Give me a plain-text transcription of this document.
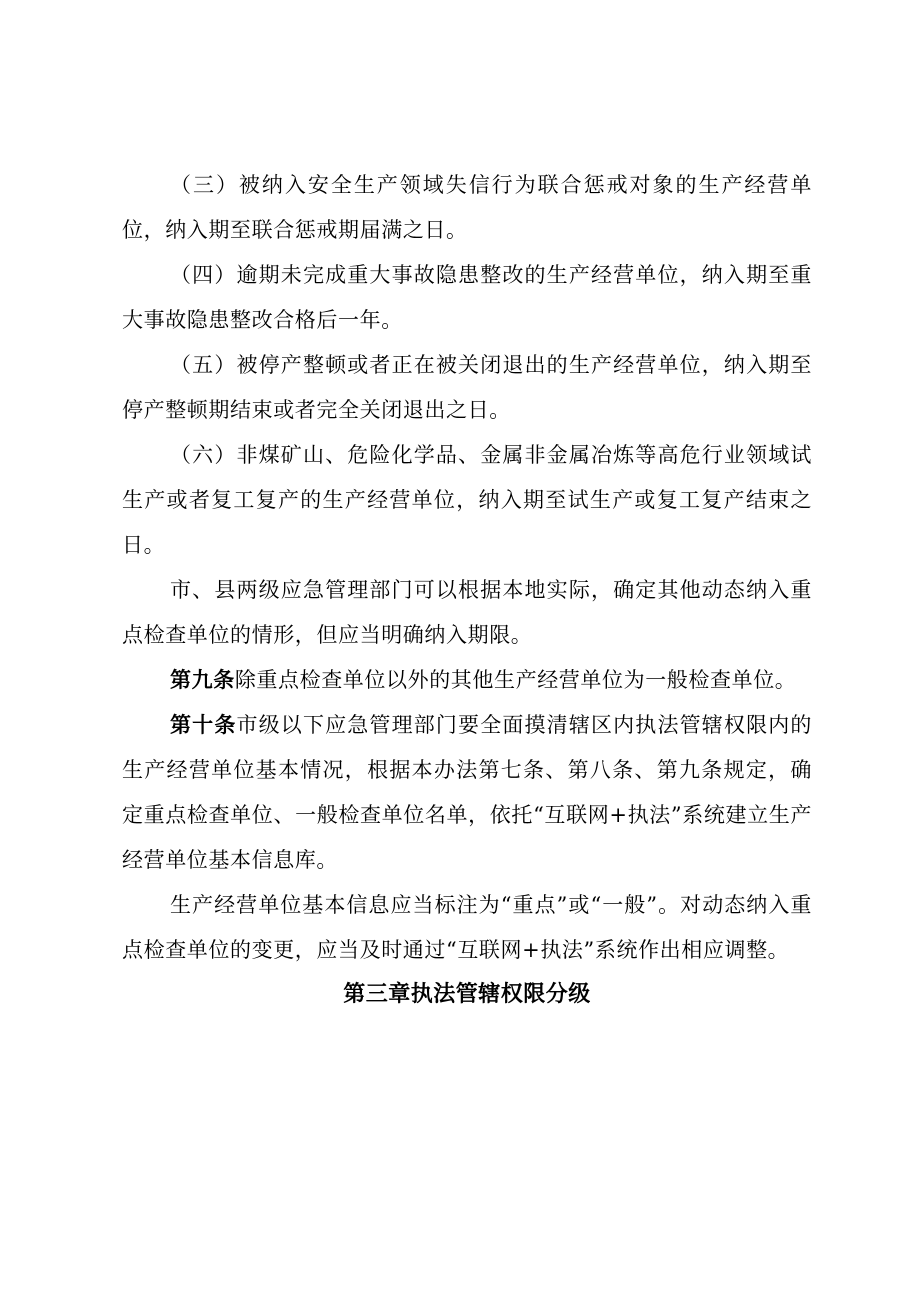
（三）被纳入安全生产领域失信行为联合惩戒对象的生产经营单位，纳入期至联合惩戒期届满之日。

（四）逾期未完成重大事故隐患整改的生产经营单位，纳入期至重大事故隐患整改合格后一年。

（五）被停产整顿或者正在被关闭退出的生产经营单位，纳入期至停产整顿期结束或者完全关闭退出之日。

（六）非煤矿山、危险化学品、金属非金属冶炼等高危行业领域试生产或者复工复产的生产经营单位，纳入期至试生产或复工复产结束之日。

市、县两级应急管理部门可以根据本地实际，确定其他动态纳入重点检查单位的情形，但应当明确纳入期限。

第九条除重点检查单位以外的其他生产经营单位为一般检查单位。

第十条市级以下应急管理部门要全面摸清辖区内执法管辖权限内的生产经营单位基本情况，根据本办法第七条、第八条、第九条规定，确定重点检查单位、一般检查单位名单，依托“互联网+执法”系统建立生产经营单位基本信息库。

生产经营单位基本信息应当标注为“重点”或“一般”。对动态纳入重点检查单位的变更，应当及时通过“互联网+执法”系统作出相应调整。

第三章执法管辖权限分级
